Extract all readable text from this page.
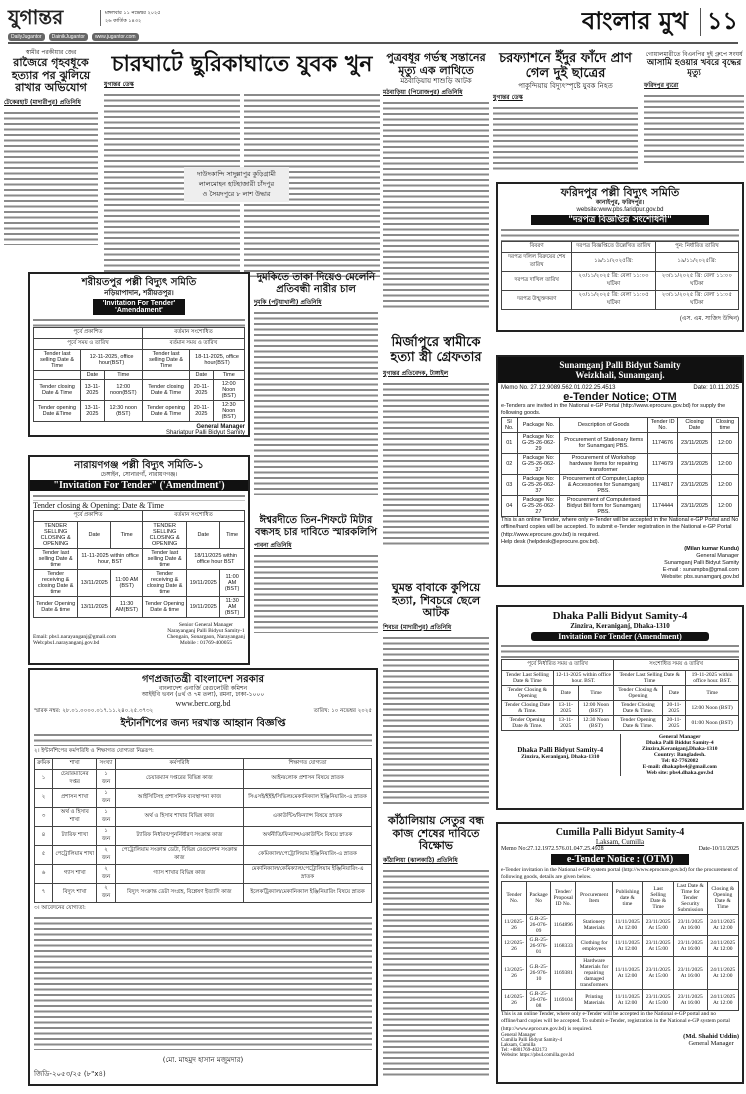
যুগান্তর	মঙ্গলবার ১১ নভেম্বর ২০২৫
২৬ কার্তিক ১৪৩২
DailyJugantor	DainikJugantor	www.jugantor.com
বাংলার মুখ ১১
স্বামীর পরকীয়ার জের
রাজৈরে গৃহবধূকে হত্যার পর ঝুলিয়ে রাখার অভিযোগ
টেকেরহাট (মাদারীপুর) প্রতিনিধি
চারঘাটে ছুরিকাঘাতে যুবক খুন
যুগান্তর ডেস্ক
দাউদকান্দি সাদুল্লাপুর কুড়িগ্রামী
লালমোহন হাটহাজারী চাঁদপুর
ও সৈয়দপুরে ৮ লাশ উদ্ধার
পুত্রবধূর গর্ভস্থ সন্তানের মৃত্যু এক লাথিতে
মঠবাড়িয়ায় শাশুড়ি আটক
মঠবাড়িয়া (পিরোজপুর) প্রতিনিধি
চরফ্যাশনে ইঁদুর ফাঁদে প্রাণ গেল দুই ছাত্রের
পাকুন্দিয়ায় বিদ্যুৎস্পৃষ্টে যুবক নিহত
যুগান্তর ডেস্ক
গোয়ালমারীতে বিএনপির দুই গ্রুপে সংঘর্ষ
আসামি হওয়ার খবরে বৃদ্ধের মৃত্যু
ফরিদপুর ব্যুরো
ফরিদপুর পল্লী বিদ্যুৎ সমিতি
কানাইপুর, ফরিদপুর।
website:www.pbs.faridpur.gov.bd
"দরপত্র বিজ্ঞপ্তির সংশোধনী"
বিবরণ	দরপত্র বিজ্ঞপ্তিতে উল্লেখিত তারিখ	পুন: নির্ধারিত তারিখ
দরপত্র দলিল বিক্রয়ের শেষ তারিখ	১৯/১১/২০২৫খ্রি:	১৯/১১/২০২৫খ্রি:
দরপত্র দাখিল তারিখ	২০/১১/২০২৫ খ্রি: বেলা ১১:০০ ঘটিকা	২৩/১১/২০২৫ খ্রি: বেলা ১১:০০ ঘটিকা
দরপত্র উন্মুক্তকরণ	২০/১১/২০২৫ খ্রি: বেলা ১১:০৫ ঘটিকা	২৩/১১/২০২৫ খ্রি: বেলা ১১:০৫ ঘটিকা
(এস. এম. সাজিদ উদ্দিন)
শরীয়তপুর পল্লী বিদ্যুৎ সমিতি
নড়িয়াপাদান, শরীয়তপুর।
'Invitation For Tender'
'Amendament'
পূর্বে প্রকাশিত			বর্তমান সংশোধিত		
পূর্বে সময় ও তারিখ			বর্তমান সময় ও তারিখ		
Tender last selling Date & Time	12-11-2025, office hour(BST)		Tender last selling Date & Time	18-11-2025, office hour(BST)	
	Date	Time		Date	Time
Tender closing Date & Time	13-11-2025	12:00 noon(BST)	Tender closing Date & Time	20-11-2025	12:00 Noon (BST)
Tender opening Date &Time	13-11-2025	12:30 noon (BST)	Tender opening Date & Time	20-11-2025	12:30 Noon (BST)
General Manager
Shariatpur Palli Bidyut Samity
দুমকিতে তাকা দিয়েও মেলেনি প্রতিবন্ধী নারীর চাল
দুমকি (পটুয়াখালী) প্রতিনিধি
মির্জাপুরে স্বামীকে হত্যা স্ত্রী গ্রেফতার
যুগান্তর প্রতিবেদক, টাঙ্গাইল
নারায়ণগঞ্জ পল্লী বিদ্যুৎ সমিতি-১
চেঙ্গাইন, সোনারগাঁ, নারায়ণগঞ্জ।
"Invitation For Tender" ('Amendment')
Tender closing & Opening: Date & Time
পূর্বে প্রকাশিত			বর্তমান সংশোধিত		
TENDER SELLING CLOSING & OPENING	Date	Time	TENDER SELLING CLOSING & OPENING	Date	Time
Tender last selling Date & time	11-11-2025 within office hour, BST		Tender last selling Date & time	18/11/2025 within office hour BST	
Tender receiving & closing Date & time	13/11/2025	11:00 AM (BST)	Tender receiving & closing Date & time	19/11/2025	11:00 AM (BST)
Tender Opening Date & time	13/11/2025	11:30 AM(BST)	Tender Opening Date & time	19/11/2025	11:30 AM (BST)
Email: pbs1.narayanganj@gmail.com
Web:pbs1.narayanganj.gov.bd
Senior General Manager
Narayanganj Palli Bidyut Samity-1
Chengain, Sonargaon, Narayanganj
Mobile : 01769-400055
ঈশ্বরদীতে তিন-শিফটে মিটার বন্ধসহ চার দাবিতে স্মারকলিপি
পাবনা প্রতিনিধি
Sunamganj Palli Bidyut Samity
Weizkhali, Sunamganj.
Memo No. 27.12.9089.562.01.022.25.4513	Date: 10.11.2025
e-Tender Notice; OTM
e-Tenders are invited in the National e-GP Portal (http://www.eprocure.gov.bd) for supply the following goods.
Sl No.	Package No.	Description of Goods	Tender ID No.	Closing Date	Closing time
01	Package No: G-25-26-062-29	Procurement of Stationary Items for Sunamganj PBS.	1174676	23/11/2025	12:00
02	Package No: G-25-26-062-37	Procurement of Workshop hardware Items for repairing transformer	1174679	23/11/2025	12:00
03	Package No: G-25-26-062-37	Procurement of Computer,Laptop & Accessories for Sunamganj PBS.	1174817	23/11/2025	12:00
04	Package No: G-25-26-062-27	Procurement of Computerised Bidyut Bill form for Sunamganj PBS.	1174444	23/11/2025	12:00
This is an online Tender, where only e-Tender will be accepted in the National e-GP Portal and No offline/hard copies will be accepted. To submit e-Tender registration in the National e-GP Portal (http://www.eprocure.gov.bd) is required.
Help desk (helpdesk@eprocure.gov.bd).
(Milan kumar Kundu)
General Manager
Sunamganj Palli Bidyut Samity
E-mail : sunampbs@gmail.com
Website: pbs.sunamganj.gov.bd
ঘুমন্ত বাবাকে কুপিয়ে হত্যা, শিবচরে ছেলে আটক
শিবচর (মাদারীপুর) প্রতিনিধি
Dhaka Palli Bidyut Samity-4
Zinzira, Keraniganj, Dhaka-1310
Invitation For Tender (Amendment)
পূর্বে নির্ধারিত সময় ও তারিখ			সংশোধিত সময় ও তারিখ		
Tender Last Selling Date & Time	12-11-2025 within office hour. BST.		Tender Last Selling Date & Time		19-11-2025 within office hour. BST.
Tender Closing & Opening	Date	Time	Tender Closing & Opening	Date	Time
Tender Closing Date & Time.	13-11-2025	12:00 Noon (BST)	Tender Closing Date & Time.	20-11-2025	12:00 Noon (BST)
Tender Opening Date & Time.	13-11-2025	12:30 Noon (BST)	Tender Opening Date & Time.	20-11-2025	01:00 Noon (BST)
Dhaka Palli Bidyut Samity-4
Zinzira, Keraniganj, Dhaka-1310
General Manager
Dhaka Palli Biddut Samity-4
Zinzira,Keraniganj,Dhaka-1310
Country: Bangladesh.
Tel: 02-7762082
E-mail: dhakapbs4@gmail.com
Web site: pbs4.dhaka.gov.bd
গণপ্রজাতন্ত্রী বাংলাদেশ সরকার
বাংলাদেশ এনার্জি রেগুলেটরী কমিশন
আইইবি ভবন (৪র্থ ও ৭ম তলা), রমনা, ঢাকা-১০০০
www.berc.org.bd
স্মারক নম্বর: ২৮.০১.০০০০.০১৭.১১.২৪০.২৫.৩৭৩২	তারিখ: ১০ নভেম্বর ২০২৫
ইন্টার্নশিপের জন্য দরখাস্ত আহ্বান বিজ্ঞপ্তি
২। ইন্টার্নশিপের কর্মপরিধি ও শিক্ষাগত যোগ্যতা নিম্নরূপ:
ক্রমিক	শাখা	সংখ্যা	কর্মপরিধি	শিক্ষাগত যোগ্যতা
১	চেয়ারম্যানের দপ্তর	১ জন	চেয়ারম্যান দপ্তরের বিভিন্ন কাজ	আইন/লোক প্রশাসন বিষয়ে স্নাতক
২	প্রশাসন শাখা	১ জন	আইসিটিসহ প্রশাসনিক ব্যবস্থাপনা কাজ	সিএসই/ইইই/সিভিল/মেকানিক্যাল ইঞ্জিনিয়ারিং-এ স্নাতক
৩	অর্থ ও হিসাব শাখা	১ জন	অর্থ ও হিসাব শাখার বিভিন্ন কাজ	একাউন্টিং/ফিন্যান্স বিষয়ে স্নাতক
৪	ট্যারিফ শাখা	১ জন	ট্যারিফ নির্ধারণ/পুনর্নির্ধারণ সংক্রান্ত কাজ	অর্থনীতি/ফিন্যান্স/একাউন্টিং বিষয়ে স্নাতক
৫	পেট্রোলিয়াম শাখা	২ জন	পেট্রোলিয়াম সংক্রান্ত ডেটা, বিভিন্ন রেগুলেশন সংক্রান্ত কাজ	কেমিক্যাল/পেট্রোলিয়াম ইঞ্জিনিয়ারিং-এ স্নাতক
৬	গ্যাস শাখা	২ জন	গ্যাস শাখার বিভিন্ন কাজ	মেকানিক্যাল/কেমিক্যাল/পেট্রোলিয়াম ইঞ্জিনিয়ারিং-এ স্নাতক
৭	বিদ্যুৎ শাখা	২ জন	বিদ্যুৎ সংক্রান্ত ডেটা সংগ্রহ, বিশ্লেষণ ইত্যাদি কাজ	ইলেকট্রিক্যাল/মেকানিক্যাল ইঞ্জিনিয়ারিং বিষয়ে স্নাতক
৩। আবেদনের যোগ্যতা:
(মো. মাহমুদ হাসান মজুমদার)
জিডি-২০৫৩/২৫ (৮"x৪)
কাঁঠালিয়ায় সেতুর বন্ধ কাজ শেষের দাবিতে বিক্ষোভ
কাঁঠালিয়া (ঝালকাঠি) প্রতিনিধি
Cumilla Palli Bidyut Samity-4
Laksam, Cumilla
Memo No:27.12.1972.576.01.047.25.4928	Date-10/11/2025
e-Tender Notice : (OTM)
e-Tender invitation in the National e-GP system portal (http://www.eprocure.gov.bd) for the procurement of following goods, details are given below.
Tender No.	Package No	Tender/ Proposal ID No.	Procurement Item	Publishing date & time	Last Selling Date & Time	Last Date & Time for Tender Security Submission	Closing & Opening Date & Time
11/2025-26	G.R-25-26-076-09	1164896	Stationery Materials	11/11/2025 At 12:00	23/11/2025 At 15:00	23/11/2025 At 16:00	24/11/2025 At 12:00
12/2025-26	G.R-25-26-976-01	1168333	Clothing for employees	11/11/2025 At 12:00	23/11/2025 At 15:00	23/11/2025 At 16:00	24/11/2025 At 12:00
13/2025-26	G.R-25-26-976-10	1169381	Hardware Materials for repairing damaged transformers	11/11/2025 At 12:00	23/11/2025 At 15:00	23/11/2025 At 16:00	24/11/2025 At 12:00
14/2025-26	G.R-25-26-076-08	1169104	Printing Materials	11/11/2025 At 12:00	23/11/2025 At 15:00	23/11/2025 At 16:00	24/11/2025 At 12:00
This is an online Tender, where only e-Tender will be accepted in the National e-GP portal and no offline/hard copies will be accepted. To submit e-Tender, registration in the National e-GP system portal (http://www.eprocure.gov.bd) is required.
General Manager
Cumilla Palli Bidyut Samity-4
Laksam, Cumilla
Tel: +8801769-402173
Website: https://pbs4.comilla.gov.bd
(Md. Shahid Uddin)
General Manager
